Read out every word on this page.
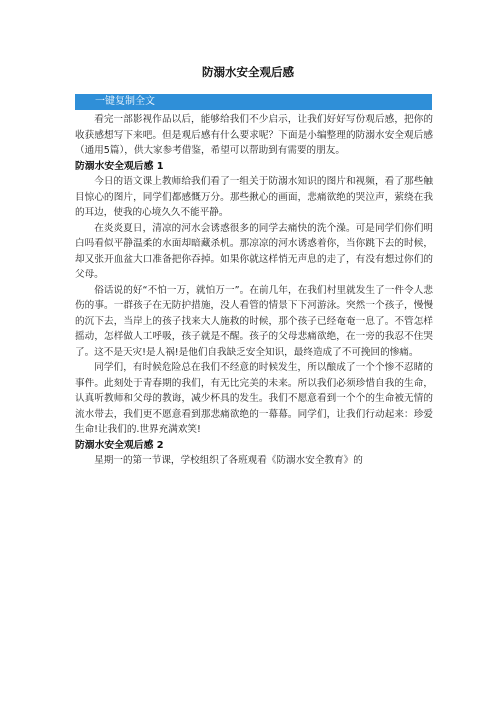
防溺水安全观后感
一键复制全文

看完一部影视作品以后，能够给我们不少启示，让我们好好写份观后感，把你的收获感想写下来吧。但是观后感有什么要求呢？下面是小编整理的防溺水安全观后感（通用5篇），供大家参考借鉴，希望可以帮助到有需要的朋友。

防溺水安全观后感 1

今日的语文课上教师给我们看了一组关于防溺水知识的图片和视频，看了那些触目惊心的图片，同学们都感慨万分。那些揪心的画面，悲痛欲绝的哭泣声，萦绕在我的耳边，使我的心境久久不能平静。

在炎炎夏日，清凉的河水会诱惑很多的同学去痛快的洗个澡。可是同学们你们明白吗看似平静温柔的水面却暗藏杀机。那凉凉的河水诱惑着你，当你跳下去的时候，却又张开血盆大口准备把你吞掉。如果你就这样悄无声息的走了，有没有想过你们的父母。

俗话说的好“不怕一万，就怕万一”。在前几年，在我们村里就发生了一件令人悲伤的事。一群孩子在无防护措施，没人看管的情景下下河游泳。突然一个孩子，慢慢的沉下去，当岸上的孩子找来大人施救的时候，那个孩子已经奄奄一息了。不管怎样摇动，怎样做人工呼吸，孩子就是不醒。孩子的父母悲痛欲绝，在一旁的我忍不住哭了。这不是天灾!是人祸!是他们自我缺乏安全知识，最终造成了不可挽回的惨痛。

同学们，有时候危险总在我们不经意的时候发生，所以酿成了一个个惨不忍睹的事件。此刻处于青春期的我们，有无比完美的未来。所以我们必须珍惜自我的生命，认真听教师和父母的教诲，减少杯具的发生。我们不愿意看到一个个的生命被无情的流水带去，我们更不愿意看到那悲痛欲绝的一幕幕。同学们，让我们行动起来：珍爱生命!让我们的.世界充满欢笑!

防溺水安全观后感 2

星期一的第一节课，学校组织了各班观看《防溺水安全教育》的
